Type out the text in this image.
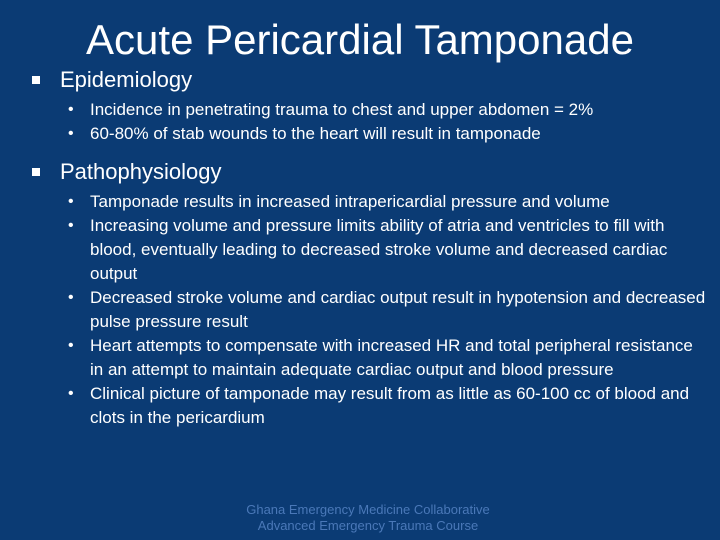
Acute Pericardial Tamponade
Epidemiology
• Incidence in penetrating trauma to chest and upper abdomen = 2%
• 60-80% of stab wounds to the heart will result in tamponade
Pathophysiology
• Tamponade results in increased intrapericardial pressure and volume
• Increasing volume and pressure limits ability of atria and ventricles to fill with blood, eventually leading to decreased stroke volume and decreased cardiac output
• Decreased stroke volume and cardiac output result in hypotension and decreased pulse pressure result
• Heart attempts to compensate with increased HR and total peripheral resistance in an attempt to maintain adequate cardiac output and blood pressure
• Clinical picture of tamponade may result from as little as 60-100 cc of blood and clots in the pericardium
Ghana Emergency Medicine Collaborative
Advanced Emergency Trauma Course
